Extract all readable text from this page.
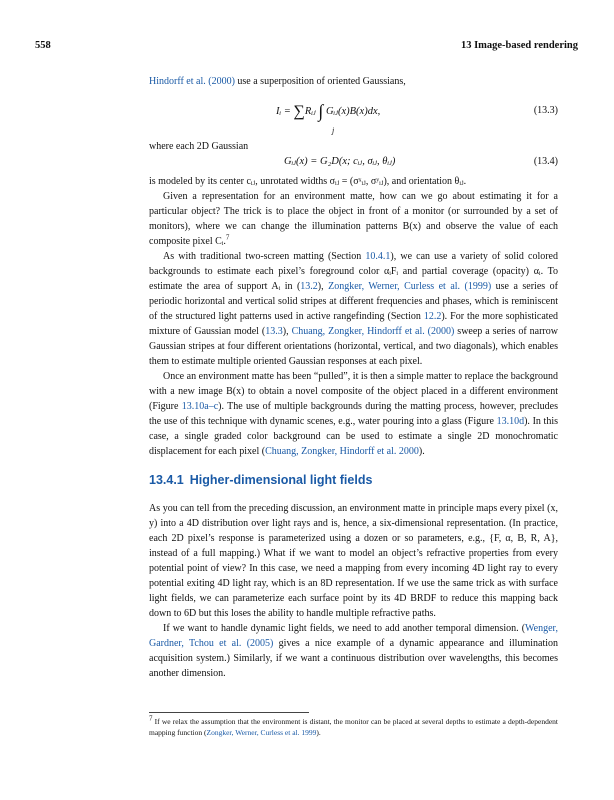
558	13 Image-based rendering

Hindorff et al. (2000) use a superposition of oriented Gaussians,

Iᵢ = ∑Rᵢⱼ ∫ Gᵢⱼ(x)B(x)dx,
j
(13.3)

where each 2D Gaussian

Gᵢⱼ(x) = G₂D(x; cᵢⱼ, σᵢⱼ, θᵢⱼ)	(13.4)

is modeled by its center cᵢⱼ, unrotated widths σᵢⱼ = (σˣᵢⱼ, σʸᵢⱼ), and orientation θᵢⱼ.

Given a representation for an environment matte, how can we go about estimating it for a particular object? The trick is to place the object in front of a monitor (or surrounded by a set of monitors), where we can change the illumination patterns B(x) and observe the value of each composite pixel Cᵢ.$^7$

As with traditional two-screen matting (Section 10.4.1), we can use a variety of solid colored backgrounds to estimate each pixel’s foreground color αᵢFᵢ and partial coverage (opacity) αᵢ. To estimate the area of support Aᵢ in (13.2), Zongker, Werner, Curless et al. (1999) use a series of periodic horizontal and vertical solid stripes at different frequencies and phases, which is reminiscent of the structured light patterns used in active rangefinding (Section 12.2). For the more sophisticated mixture of Gaussian model (13.3), Chuang, Zongker, Hindorff et al. (2000) sweep a series of narrow Gaussian stripes at four different orientations (horizontal, vertical, and two diagonals), which enables them to estimate multiple oriented Gaussian responses at each pixel.

Once an environment matte has been “pulled”, it is then a simple matter to replace the background with a new image B(x) to obtain a novel composite of the object placed in a different environment (Figure 13.10a–c). The use of multiple backgrounds during the matting process, however, precludes the use of this technique with dynamic scenes, e.g., water pouring into a glass (Figure 13.10d). In this case, a single graded color background can be used to estimate a single 2D monochromatic displacement for each pixel (Chuang, Zongker, Hindorff et al. 2000).

13.4.1 Higher-dimensional light fields

As you can tell from the preceding discussion, an environment matte in principle maps every pixel (x, y) into a 4D distribution over light rays and is, hence, a six-dimensional representation. (In practice, each 2D pixel’s response is parameterized using a dozen or so parameters, e.g., {F, α, B, R, A}, instead of a full mapping.) What if we want to model an object’s refractive properties from every potential point of view? In this case, we need a mapping from every incoming 4D light ray to every potential exiting 4D light ray, which is an 8D representation. If we use the same trick as with surface light fields, we can parameterize each surface point by its 4D BRDF to reduce this mapping back down to 6D but this loses the ability to handle multiple refractive paths.

If we want to handle dynamic light fields, we need to add another temporal dimension. (Wenger, Gardner, Tchou et al. (2005) gives a nice example of a dynamic appearance and illumination acquisition system.) Similarly, if we want a continuous distribution over wavelengths, this becomes another dimension.

$^7$ If we relax the assumption that the environment is distant, the monitor can be placed at several depths to estimate a depth-dependent mapping function (Zongker, Werner, Curless et al. 1999).
